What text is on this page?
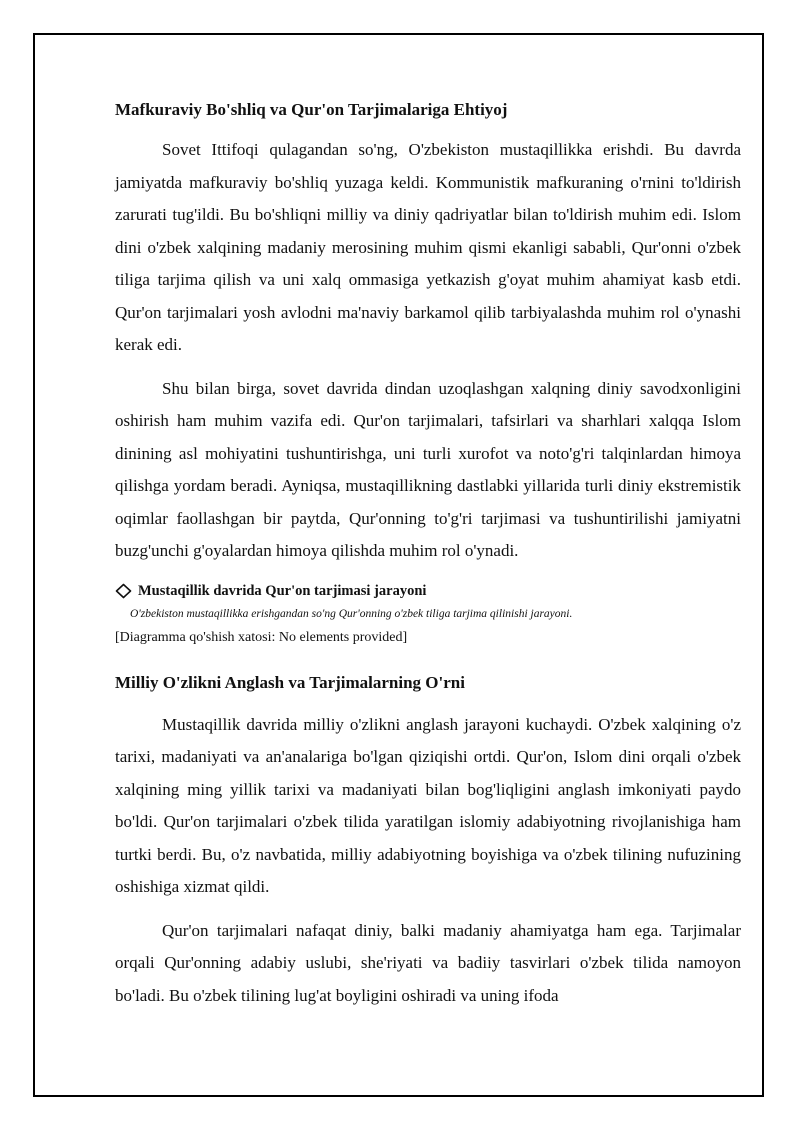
Mafkuraviy Bo'shliq va Qur'on Tarjimalariga Ehtiyoj

Sovet Ittifoqi qulagandan so'ng, O'zbekiston mustaqillikka erishdi. Bu davrda jamiyatda mafkuraviy bo'shliq yuzaga keldi. Kommunistik mafkuraning o'rnini to'ldirish zarurati tug'ildi. Bu bo'shliqni milliy va diniy qadriyatlar bilan to'ldirish muhim edi. Islom dini o'zbek xalqining madaniy merosining muhim qismi ekanligi sababli, Qur'onni o'zbek tiliga tarjima qilish va uni xalq ommasiga yetkazish g'oyat muhim ahamiyat kasb etdi. Qur'on tarjimalari yosh avlodni ma'naviy barkamol qilib tarbiyalashda muhim rol o'ynashi kerak edi.

Shu bilan birga, sovet davrida dindan uzoqlashgan xalqning diniy savodxonligini oshirish ham muhim vazifa edi. Qur'on tarjimalari, tafsirlari va sharhlari xalqqa Islom dinining asl mohiyatini tushuntirishga, uni turli xurofot va noto'g'ri talqinlardan himoya qilishga yordam beradi. Ayniqsa, mustaqillikning dastlabki yillarida turli diniy ekstremistik oqimlar faollashgan bir paytda, Qur'onning to'g'ri tarjimasi va tushuntirilishi jamiyatni buzg'unchi g'oyalardan himoya qilishda muhim rol o'ynadi.

Mustaqillik davrida Qur'on tarjimasi jarayoni
O'zbekiston mustaqillikka erishgandan so'ng Qur'onning o'zbek tiliga tarjima qilinishi jarayoni.
[Diagramma qo'shish xatosi: No elements provided]
Milliy O'zlikni Anglash va Tarjimalarning O'rni

Mustaqillik davrida milliy o'zlikni anglash jarayoni kuchaydi. O'zbek xalqining o'z tarixi, madaniyati va an'analariga bo'lgan qiziqishi ortdi. Qur'on, Islom dini orqali o'zbek xalqining ming yillik tarixi va madaniyati bilan bog'liqligini anglash imkoniyati paydo bo'ldi. Qur'on tarjimalari o'zbek tilida yaratilgan islomiy adabiyotning rivojlanishiga ham turtki berdi. Bu, o'z navbatida, milliy adabiyotning boyishiga va o'zbek tilining nufuzining oshishiga xizmat qildi.

Qur'on tarjimalari nafaqat diniy, balki madaniy ahamiyatga ham ega. Tarjimalar orqali Qur'onning adabiy uslubi, she'riyati va badiiy tasvirlari o'zbek tilida namoyon bo'ladi. Bu o'zbek tilining lug'at boyligini oshiradi va uning ifoda
